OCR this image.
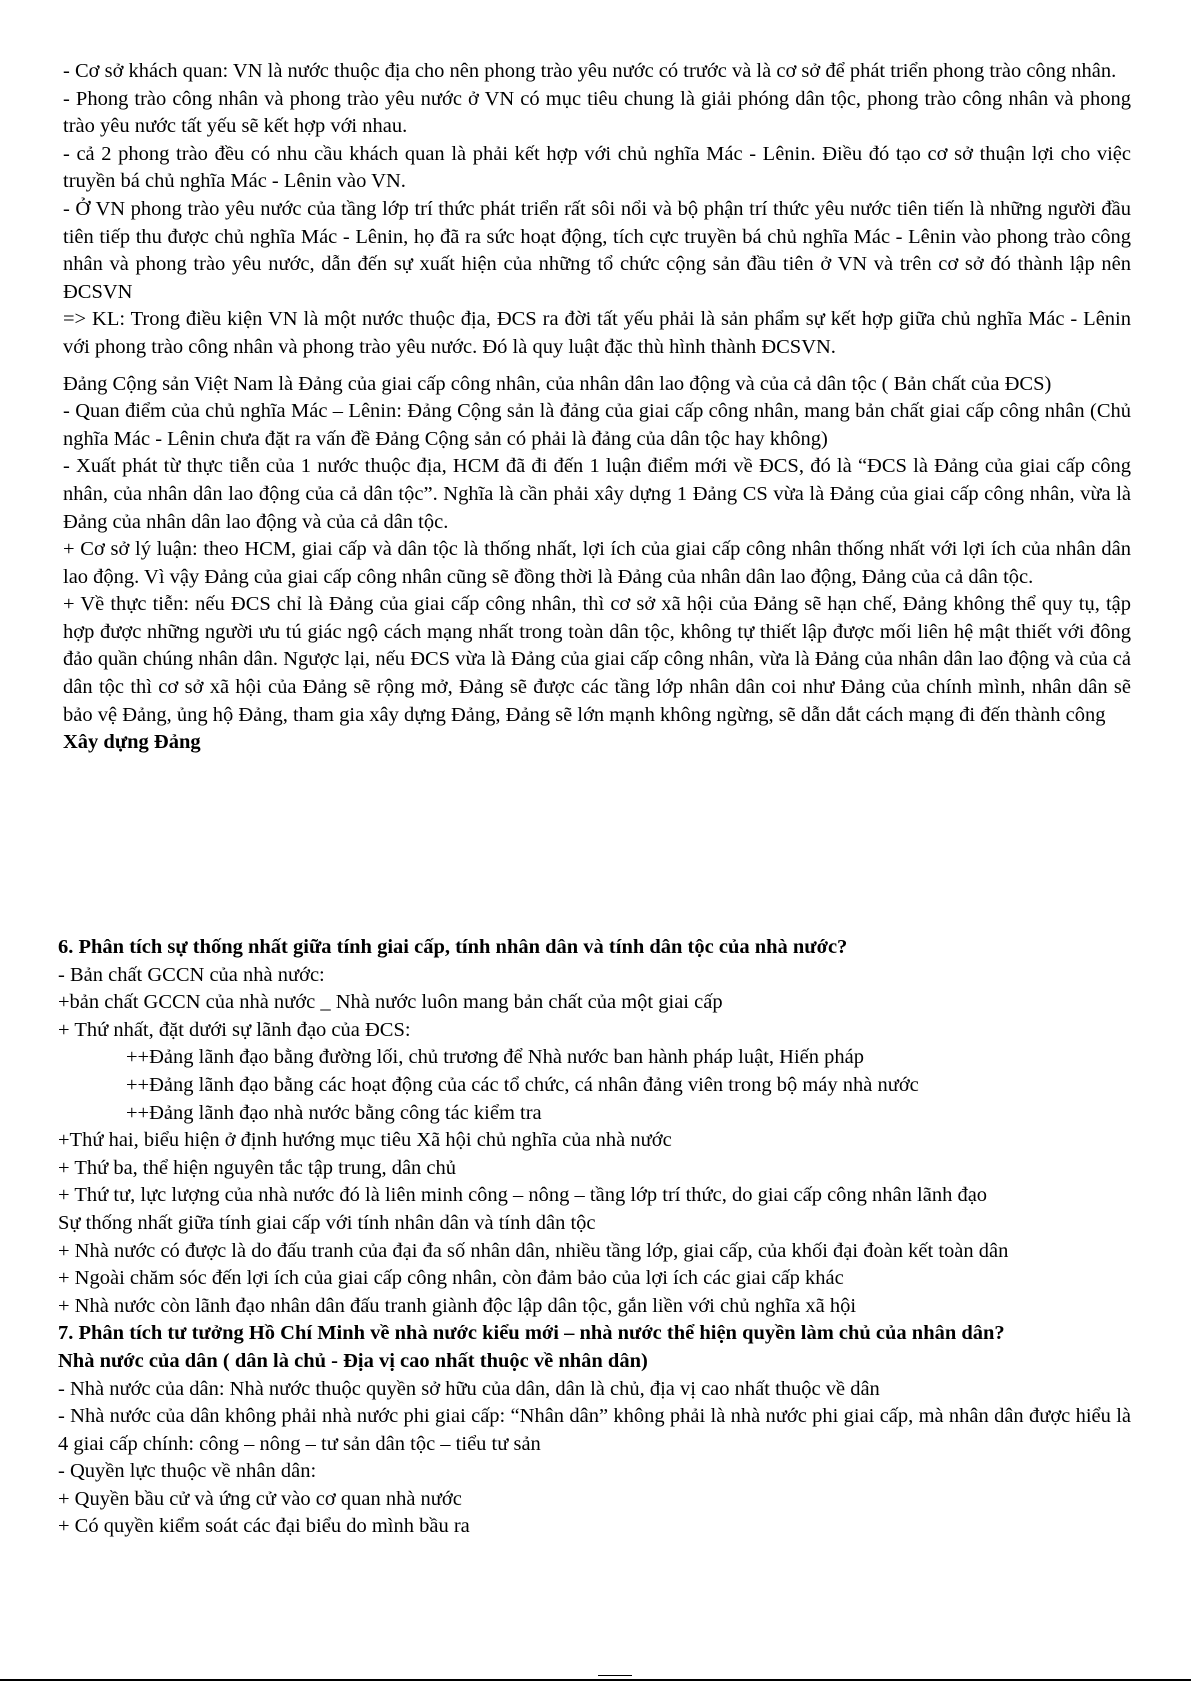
- Cơ sở khách quan: VN là nước thuộc địa cho nên phong trào yêu nước có trước và là cơ sở để phát triển phong trào công nhân.

- Phong trào công nhân và phong trào yêu nước ở VN có mục tiêu chung là giải phóng dân tộc, phong trào công nhân và phong trào yêu nước tất yếu sẽ kết hợp với nhau.

- cả 2 phong trào đều có nhu cầu khách quan là phải kết hợp với chủ nghĩa Mác - Lênin. Điều đó tạo cơ sở thuận lợi cho việc truyền bá chủ nghĩa Mác - Lênin vào VN.

- Ở VN phong trào yêu nước của tầng lớp trí thức phát triển rất sôi nổi và bộ phận trí thức yêu nước tiên tiến là những người đầu tiên tiếp thu được chủ nghĩa Mác - Lênin, họ đã ra sức hoạt động, tích cực truyền bá chủ nghĩa Mác - Lênin vào phong trào công nhân và phong trào yêu nước, dẫn đến sự xuất hiện của những tổ chức cộng sản đầu tiên ở VN và trên cơ sở đó thành lập nên ĐCSVN

=> KL: Trong điều kiện VN là một nước thuộc địa, ĐCS ra đời tất yếu phải là sản phẩm sự kết hợp giữa chủ nghĩa Mác - Lênin với phong trào công nhân và phong trào yêu nước. Đó là quy luật đặc thù hình thành ĐCSVN.

Đảng Cộng sản Việt Nam là Đảng của giai cấp công nhân, của nhân dân lao động và của cả dân tộc ( Bản chất của ĐCS)

- Quan điểm của chủ nghĩa Mác – Lênin: Đảng Cộng sản là đảng của giai cấp công nhân, mang bản chất giai cấp công nhân (Chủ nghĩa Mác - Lênin chưa đặt ra vấn đề Đảng Cộng sản có phải là đảng của dân tộc hay không)

- Xuất phát từ thực tiễn của 1 nước thuộc địa, HCM đã đi đến 1 luận điểm mới về ĐCS, đó là “ĐCS là Đảng của giai cấp công nhân, của nhân dân lao động của cả dân tộc”. Nghĩa là cần phải xây dựng 1 Đảng CS vừa là Đảng của giai cấp công nhân, vừa là Đảng của nhân dân lao động và của cả dân tộc.

+ Cơ sở lý luận: theo HCM, giai cấp và dân tộc là thống nhất, lợi ích của giai cấp công nhân thống nhất với lợi ích của nhân dân lao động. Vì vậy Đảng của giai cấp công nhân cũng sẽ đồng thời là Đảng của nhân dân lao động, Đảng của cả dân tộc.

+ Về thực tiễn: nếu ĐCS chỉ là Đảng của giai cấp công nhân, thì cơ sở xã hội của Đảng sẽ hạn chế, Đảng không thể quy tụ, tập hợp được những người ưu tú giác ngộ cách mạng nhất trong toàn dân tộc, không tự thiết lập được mối liên hệ mật thiết với đông đảo quần chúng nhân dân. Ngược lại, nếu ĐCS vừa là Đảng của giai cấp công nhân, vừa là Đảng của nhân dân lao động và của cả dân tộc thì cơ sở xã hội của Đảng sẽ rộng mở, Đảng sẽ được các tầng lớp nhân dân coi như Đảng của chính mình, nhân dân sẽ bảo vệ Đảng, ủng hộ Đảng, tham gia xây dựng Đảng, Đảng sẽ lớn mạnh không ngừng, sẽ dẫn dắt cách mạng đi đến thành công

Xây dựng Đảng

6. Phân tích sự thống nhất giữa tính giai cấp, tính nhân dân và tính dân tộc của nhà nước?

- Bản chất GCCN của nhà nước:

+bản chất GCCN của nhà nước _ Nhà nước luôn mang bản chất của một giai cấp

+ Thứ nhất, đặt dưới sự lãnh đạo của ĐCS:

++Đảng lãnh đạo bằng đường lối, chủ trương để Nhà nước ban hành pháp luật, Hiến pháp

++Đảng lãnh đạo bằng các hoạt động của các tổ chức, cá nhân đảng viên trong bộ máy nhà nước

++Đảng lãnh đạo nhà nước bằng công tác kiểm tra

+Thứ hai, biểu hiện ở định hướng mục tiêu Xã hội chủ nghĩa của nhà nước

+ Thứ ba, thể hiện nguyên tắc tập trung, dân chủ

+ Thứ tư, lực lượng của nhà nước đó là liên minh công – nông – tầng lớp trí thức, do giai cấp công nhân lãnh đạo

Sự thống nhất giữa tính giai cấp với tính nhân dân và tính dân tộc

+ Nhà nước có được là do đấu tranh của đại đa số nhân dân, nhiều tầng lớp, giai cấp, của khối đại đoàn kết toàn dân

+ Ngoài chăm sóc đến lợi ích của giai cấp công nhân, còn đảm bảo của lợi ích các giai cấp khác

+ Nhà nước còn lãnh đạo nhân dân đấu tranh giành độc lập dân tộc, gắn liền với chủ nghĩa xã hội

7. Phân tích tư tưởng Hồ Chí Minh về nhà nước kiểu mới – nhà nước thể hiện quyền làm chủ của nhân dân?

Nhà nước của dân ( dân là chủ - Địa vị cao nhất thuộc về nhân dân)

- Nhà nước của dân: Nhà nước thuộc quyền sở hữu của dân, dân là chủ, địa vị cao nhất thuộc về dân

- Nhà nước của dân không phải nhà nước phi giai cấp: “Nhân dân” không phải là nhà nước phi giai cấp, mà nhân dân được hiểu là 4 giai cấp chính: công – nông – tư sản dân tộc – tiểu tư sản

- Quyền lực thuộc về nhân dân:

+ Quyền bầu cử và ứng cử vào cơ quan nhà nước

+ Có quyền kiểm soát các đại biểu do mình bầu ra
